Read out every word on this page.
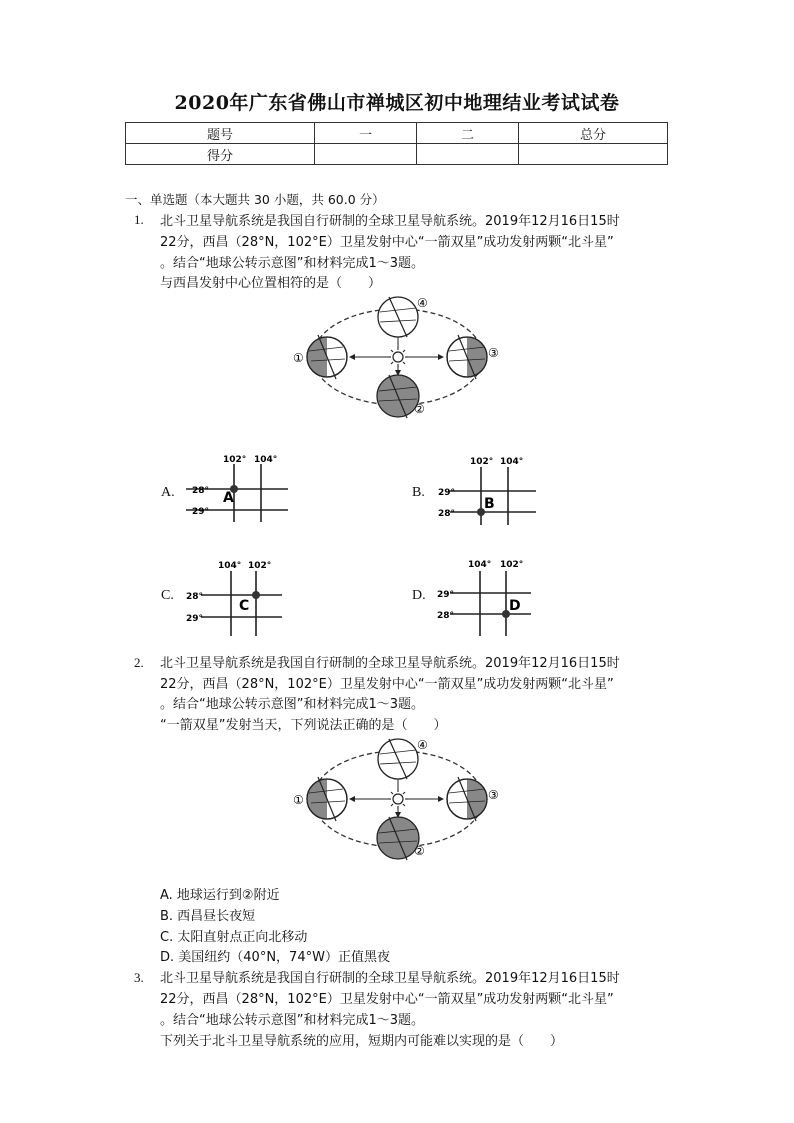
2020年广东省佛山市禅城区初中地理结业考试试卷
题号	一	二	总分
得分			
一、单选题（本大题共 30 小题，共 60.0 分）
1. 北斗卫星导航系统是我国自行研制的全球卫星导航系统。2019年12月16日15时
22分，西昌（28°N，102°E）卫星发射中心“一箭双星”成功发射两颗“北斗星”
。结合“地球公转示意图”和材料完成1～3题。
与西昌发射中心位置相符的是（　　）
①
②
③
④
A.
102° 104°
28°
29°
A	B.
102° 104°
29°
28°
B
C.
104° 102°
28°
29°
C
D.
104° 102°
29°
28°
D
2. 北斗卫星导航系统是我国自行研制的全球卫星导航系统。2019年12月16日15时
22分，西昌（28°N，102°E）卫星发射中心“一箭双星”成功发射两颗“北斗星”
。结合“地球公转示意图”和材料完成1～3题。
“一箭双星”发射当天，下列说法正确的是（　　）
①
②
③
④
A. 地球运行到②附近
B. 西昌昼长夜短
C. 太阳直射点正向北移动
D. 美国纽约（40°N，74°W）正值黑夜
3. 北斗卫星导航系统是我国自行研制的全球卫星导航系统。2019年12月16日15时
22分，西昌（28°N，102°E）卫星发射中心“一箭双星”成功发射两颗“北斗星”
。结合“地球公转示意图”和材料完成1～3题。
下列关于北斗卫星导航系统的应用，短期内可能难以实现的是（　　）
